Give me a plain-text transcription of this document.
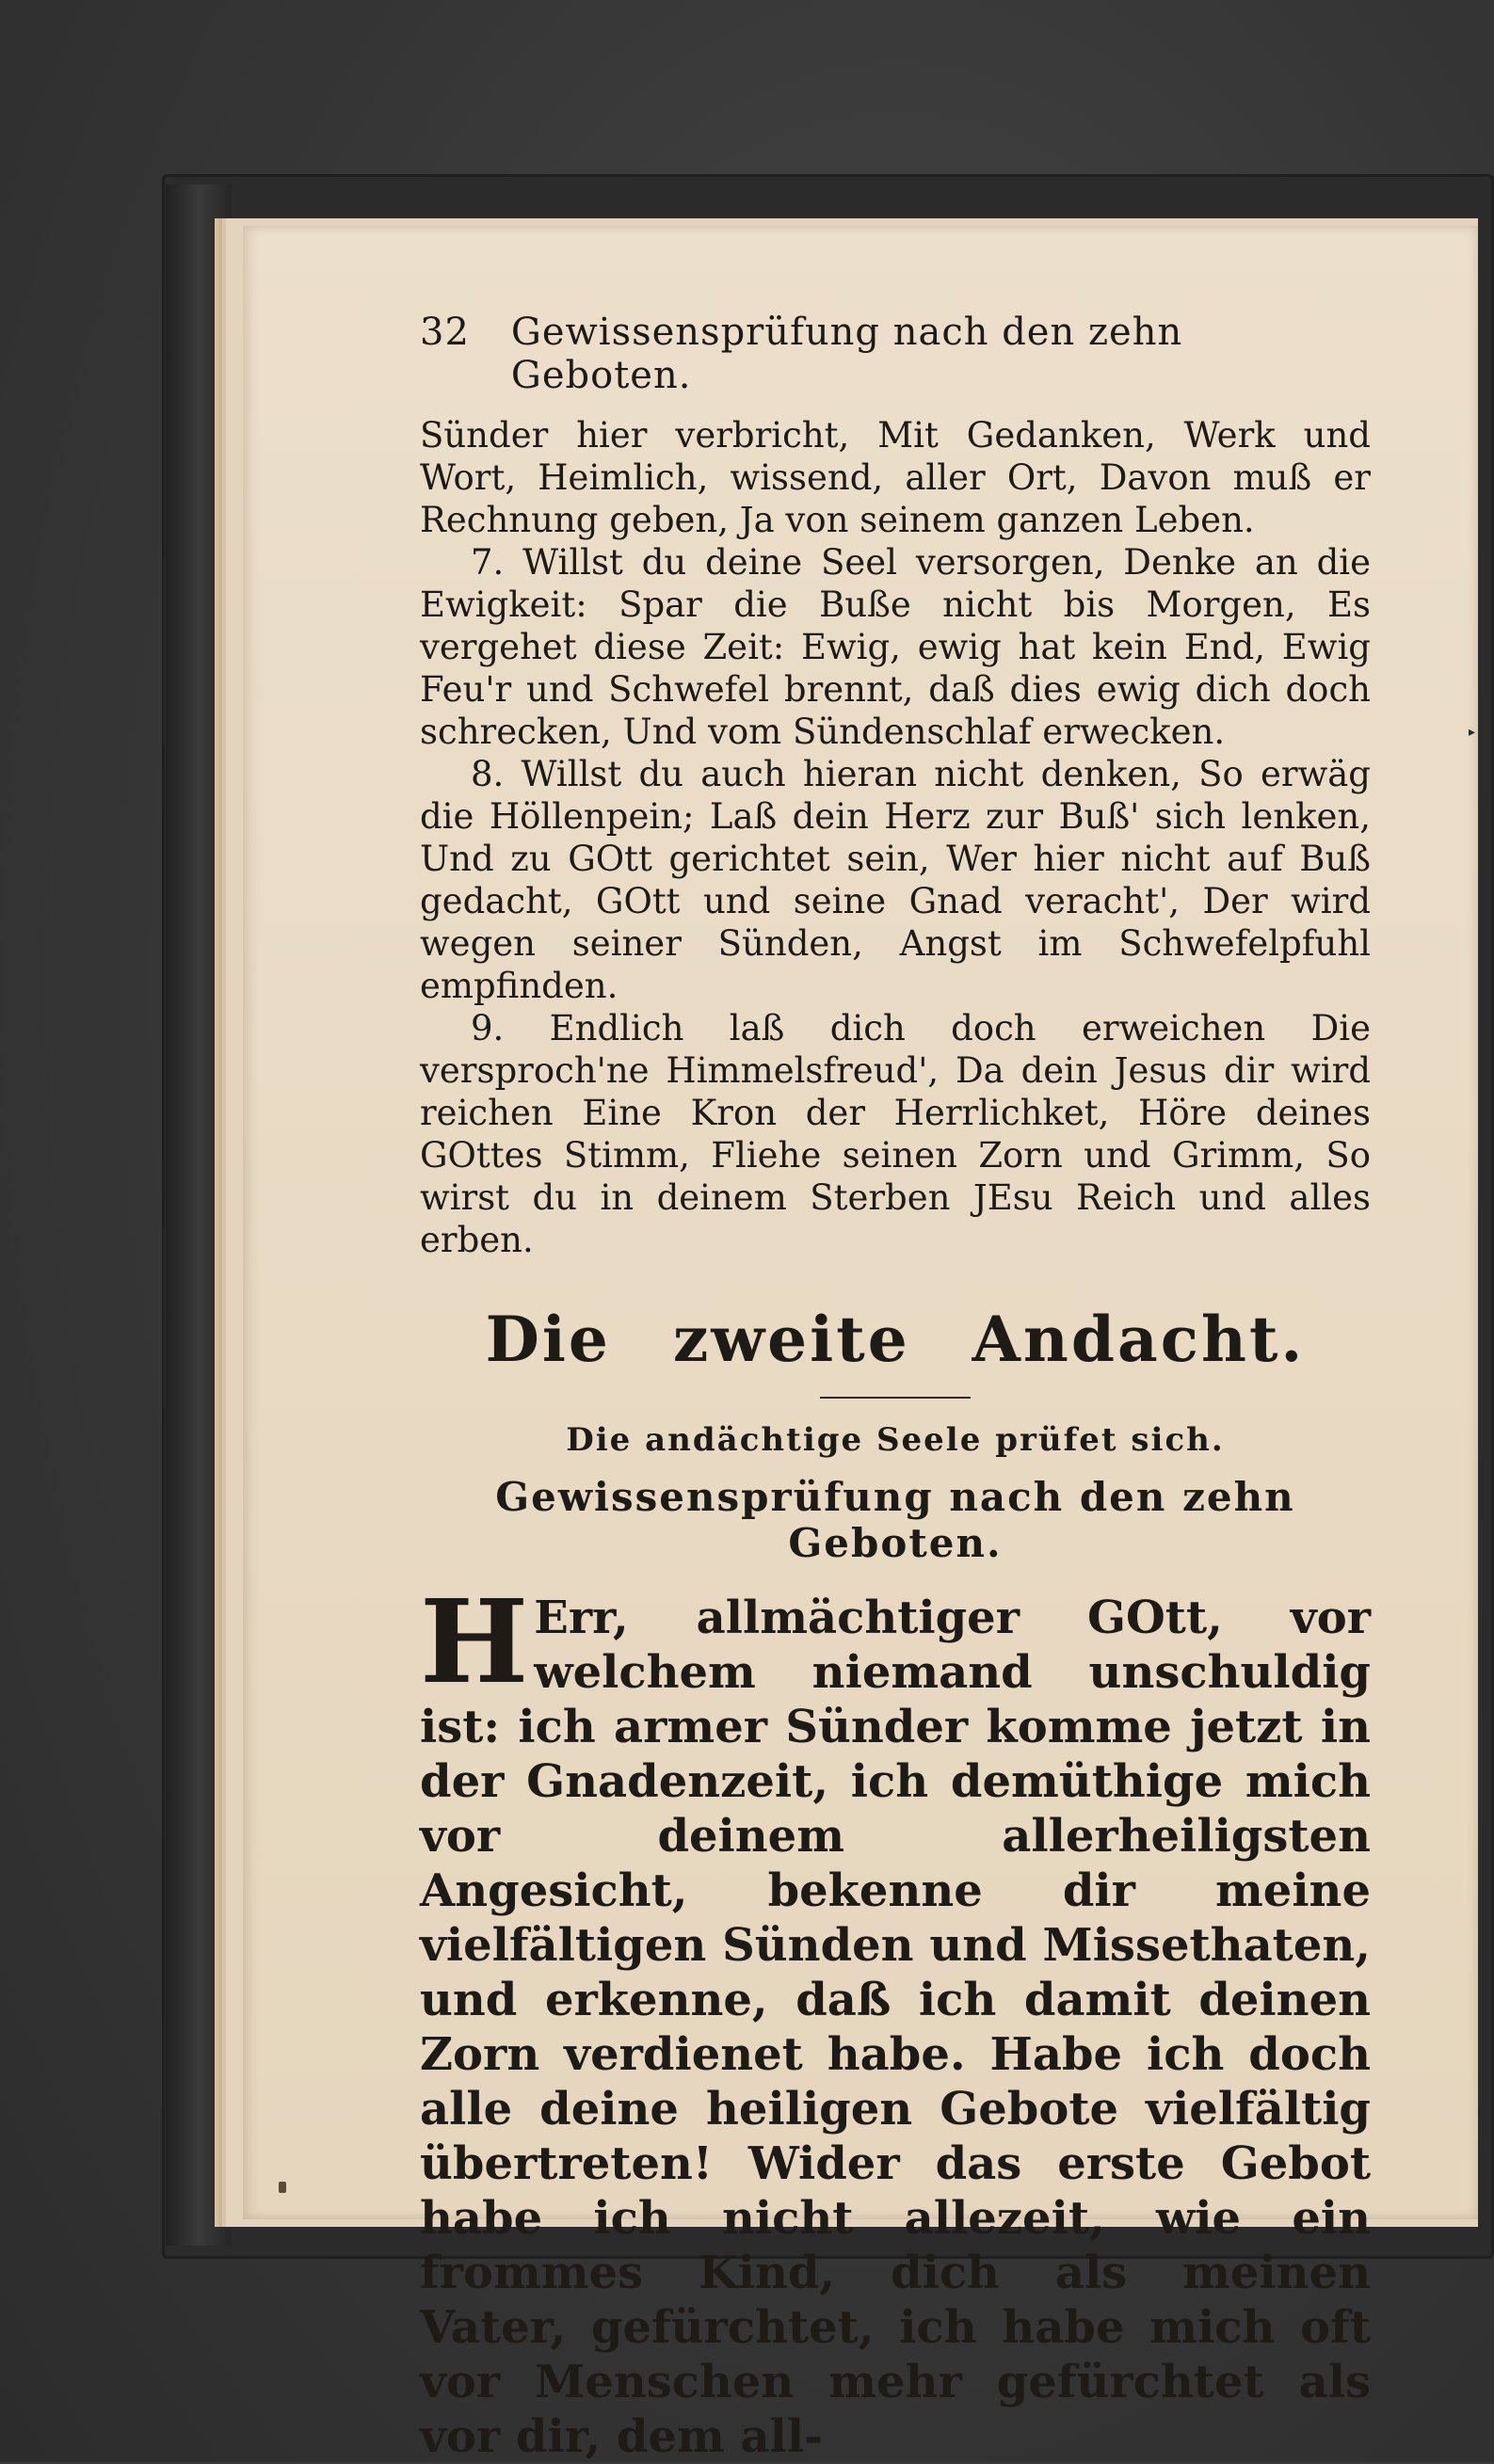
▸
32 Gewissensprüfung nach den zehn Geboten.

Sünder hier verbricht, Mit Gedanken, Werk und Wort, Heimlich, wissend, aller Ort, Davon muß er Rechnung geben, Ja von seinem ganzen Leben.

7. Willst du deine Seel versorgen, Denke an die Ewigkeit: Spar die Buße nicht bis Morgen, Es vergehet diese Zeit: Ewig, ewig hat kein End, Ewig Feu'r und Schwefel brennt, daß dies ewig dich doch schrecken, Und vom Sündenschlaf erwecken.

8. Willst du auch hieran nicht denken, So erwäg die Höllenpein; Laß dein Herz zur Buß' sich lenken, Und zu GOtt gerichtet sein, Wer hier nicht auf Buß gedacht, GOtt und seine Gnad veracht', Der wird wegen seiner Sünden, Angst im Schwefelpfuhl empfinden.

9. Endlich laß dich doch erweichen Die versproch'ne Himmelsfreud', Da dein Jesus dir wird reichen Eine Kron der Herrlichket, Höre deines GOttes Stimm, Fliehe seinen Zorn und Grimm, So wirst du in deinem Sterben JEsu Reich und alles erben.

Die zweite Andacht.
Die andächtige Seele prüfet sich.
Gewissensprüfung nach den zehn Geboten.

H Err, allmächtiger GOtt, vor welchem niemand unschuldig ist: ich armer Sünder komme jetzt in der Gnadenzeit, ich demüthige mich vor deinem allerheiligsten Angesicht, bekenne dir meine vielfältigen Sünden und Missethaten, und erkenne, daß ich damit deinen Zorn verdienet habe. Habe ich doch alle deine heiligen Gebote vielfältig übertreten! Wider das erste Gebot habe ich nicht allezeit, wie ein frommes Kind, dich als meinen Vater, gefürchtet, ich habe mich oft vor Menschen mehr gefürchtet als vor dir, dem all-
